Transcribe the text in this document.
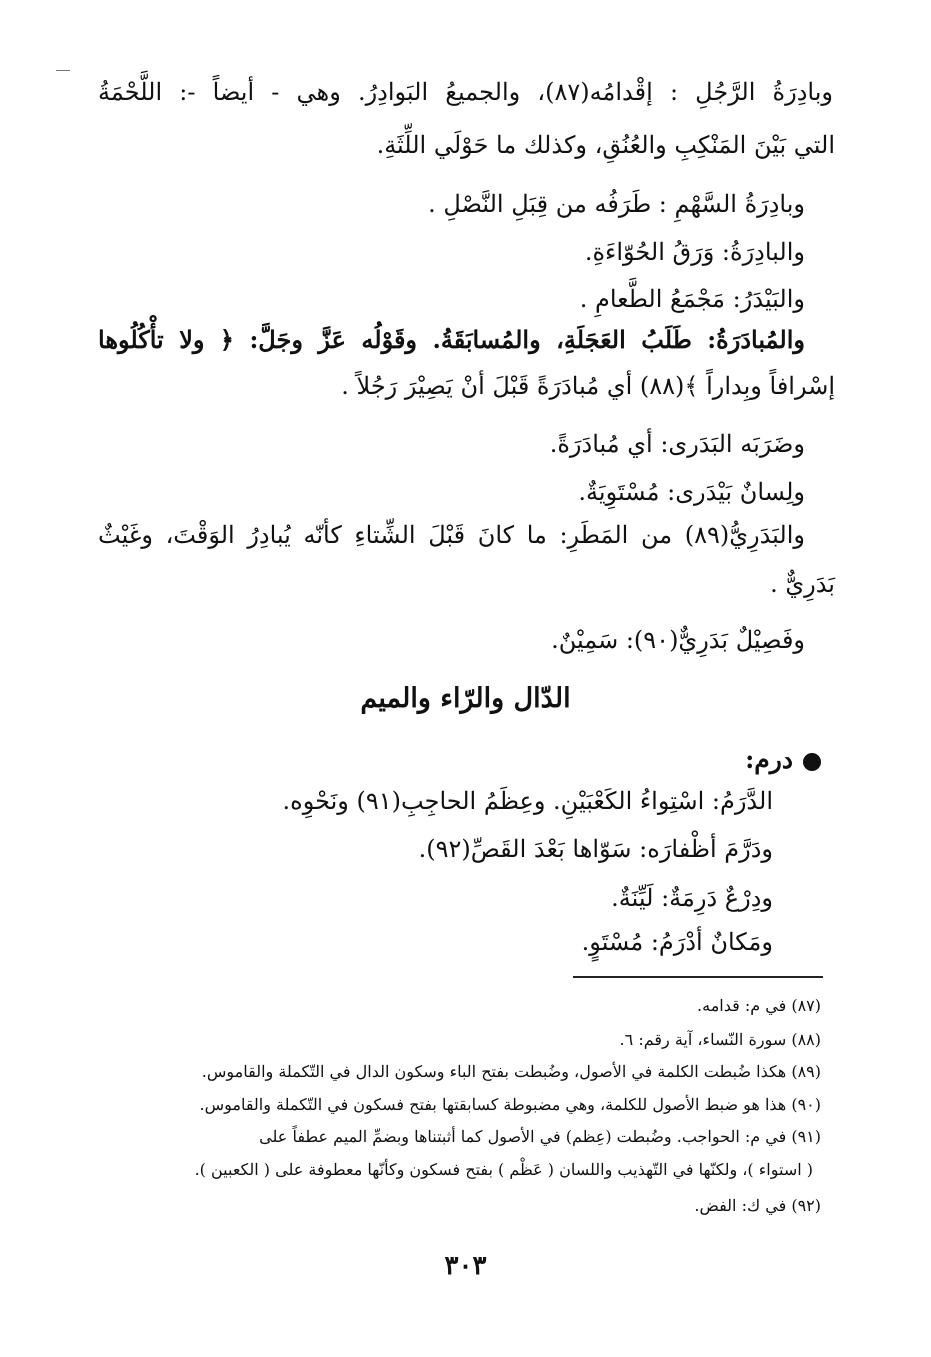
وبادِرَةُ الرَّجُلِ : إقْدامُه(٨٧)، والجميعُ البَوادِرُ. وهي - أيضاً -: اللَّحْمَةُ
التي بَيْنَ المَنْكِبِ والعُنُقِ، وكذلك ما حَوْلَي اللِّثَةِ.
وبادِرَةُ السَّهْمِ : طَرَفُه من قِبَلِ النَّصْلِ .
والبادِرَةُ: وَرَقُ الحُوّاءَةِ.
والبَيْدَرُ: مَجْمَعُ الطَّعامِ .
والمُبادَرَةُ: طَلَبُ العَجَلَةِ، والمُسابَقَةُ. وقَوْلُه عَزَّ وجَلَّ: ﴿ ولا تأْكُلُوها
إسْرافاً وبِداراً ﴾(٨٨) أي مُبادَرَةً قَبْلَ أنْ يَصِيْرَ رَجُلاً .
وضَرَبَه البَدَرى: أي مُبادَرَةً.
ولِسانٌ بَيْدَرى: مُسْتَوِيَةٌ.
والبَدَرِيُّ(٨٩) من المَطَرِ: ما كانَ قَبْلَ الشِّتاءِ كأنّه يُبادِرُ الوَقْتَ، وغَيْثٌ
بَدَرِيٌّ .
وفَصِيْلٌ بَدَرِيٌّ(٩٠): سَمِيْنٌ.
الدّال والرّاء والميم
درم:
الدَّرَمُ: اسْتِواءُ الكَعْبَيْنِ. وعِظَمُ الحاجِبِ(٩١) ونَحْوِه.
ودَرَّمَ أظْفارَه: سَوّاها بَعْدَ القَصِّ(٩٢).
ودِرْعٌ دَرِمَةٌ: لَيِّنَةٌ.
ومَكانٌ أدْرَمُ: مُسْتَوٍ.
(٨٧) في م: قدامه.
(٨٨) سورة النّساء، آية رقم: ٦.
(٨٩) هكذا ضُبطت الكلمة في الأصول، وضُبطت بفتح الباء وسكون الدال في التّكملة والقاموس.
(٩٠) هذا هو ضبط الأصول للكلمة، وهي مضبوطة كسابقتها بفتح فسكون في التّكملة والقاموس.
(٩١) في م: الحواجب. وضُبطت (عِظم) في الأصول كما أثبتناها وبضمِّ الميم عطفاً على
( استواء )، ولكنّها في التّهذيب واللسان ( عَظْم ) بفتح فسكون وكأنّها معطوفة على ( الكعبين ).
(٩٢) في ك: الفض.
٣٠٣
